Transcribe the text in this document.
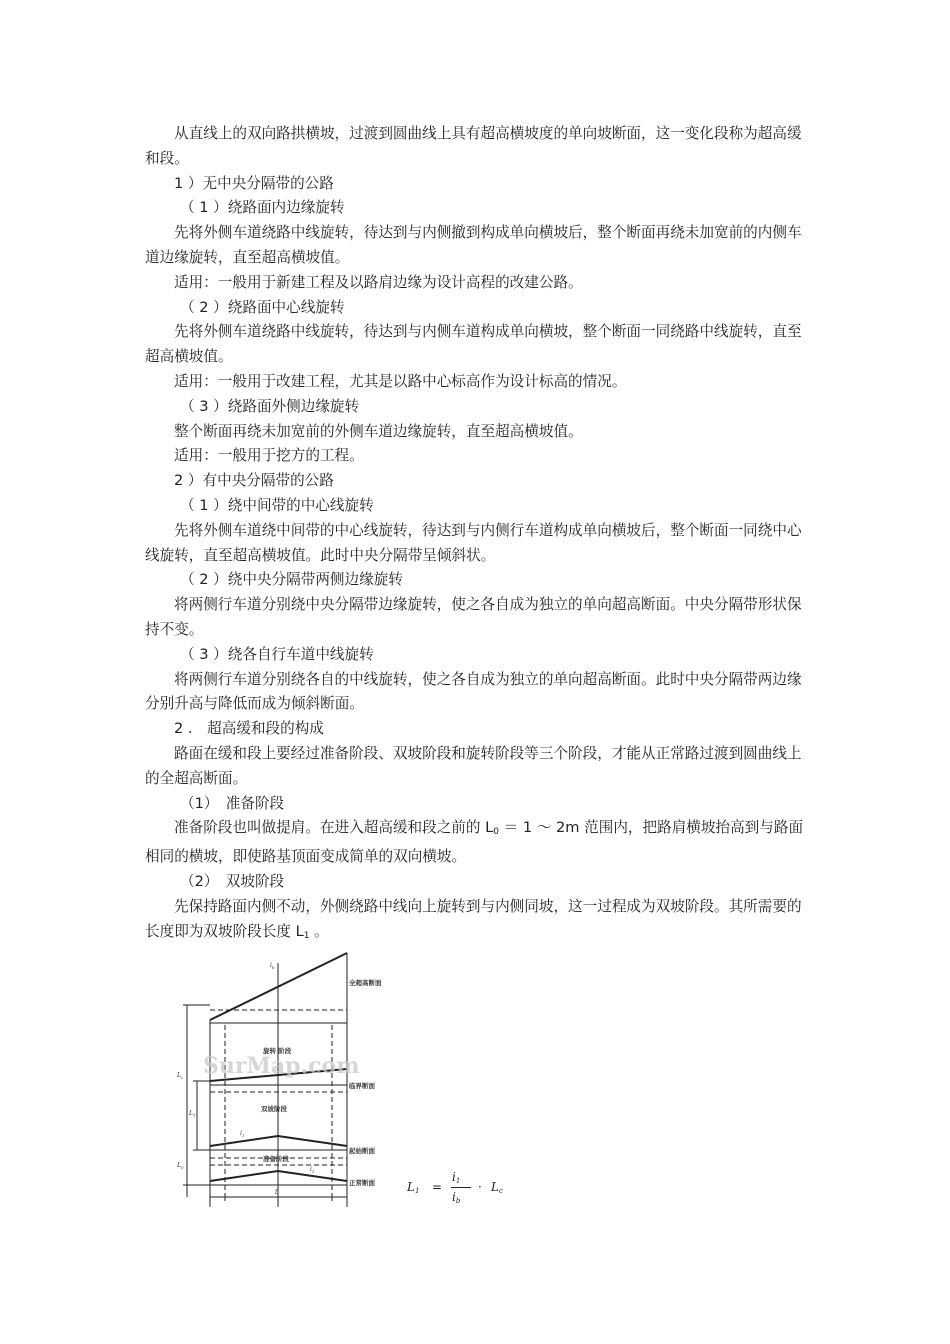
从直线上的双向路拱横坡，过渡到圆曲线上具有超高横坡度的单向坡断面，这一变化段称为超高缓和段。

1 ）无中央分隔带的公路

（ 1 ）绕路面内边缘旋转

先将外侧车道绕路中线旋转，待达到与内侧撤到构成单向横坡后，整个断面再绕未加宽前的内侧车道边缘旋转，直至超高横坡值。

适用：一般用于新建工程及以路肩边缘为设计高程的改建公路。

（ 2 ）绕路面中心线旋转

先将外侧车道绕路中线旋转，待达到与内侧车道构成单向横坡，整个断面一同绕路中线旋转，直至超高横坡值。

适用：一般用于改建工程，尤其是以路中心标高作为设计标高的情况。

（ 3 ）绕路面外侧边缘旋转

整个断面再绕未加宽前的外侧车道边缘旋转，直至超高横坡值。

适用：一般用于挖方的工程。

2 ）有中央分隔带的公路

（ 1 ）绕中间带的中心线旋转

先将外侧车道绕中间带的中心线旋转，待达到与内侧行车道构成单向横坡后，整个断面一同绕中心线旋转，直至超高横坡值。此时中央分隔带呈倾斜状。

（ 2 ）绕中央分隔带两侧边缘旋转

将两侧行车道分别绕中央分隔带边缘旋转，使之各自成为独立的单向超高断面。中央分隔带形状保持不变。

（ 3 ）绕各自行车道中线旋转

将两侧行车道分别绕各自的中线旋转，使之各自成为独立的单向超高断面。此时中央分隔带两边缘分别升高与降低而成为倾斜断面。

2 .　超高缓和段的构成

路面在缓和段上要经过准备阶段、双坡阶段和旋转阶段等三个阶段，才能从正常路过渡到圆曲线上的全超高断面。

（1）　准备阶段

准备阶段也叫做提肩。在进入超高缓和段之前的 $L_0 = 1$ ～ 2m 范围内，把路肩横坡抬高到与路面相同的横坡，即使路基顶面变成简单的双向横坡。

（2）　双坡阶段

先保持路面内侧不动，外侧绕路中线向上旋转到与内侧同坡，这一过程成为双坡阶段。其所需要的长度即为双坡阶段长度 $L_1$ 。

SurMap.com
全超高断面
旋转 阶段
临界断面
双坡阶段
起始断面
准备阶段
正常断面
$i_h$
$i_1$
$i_1$
$L_c$
$L_1$
$L_0$
b	$L_1$ =
$i_1$
$i_b$
· $L_c$
